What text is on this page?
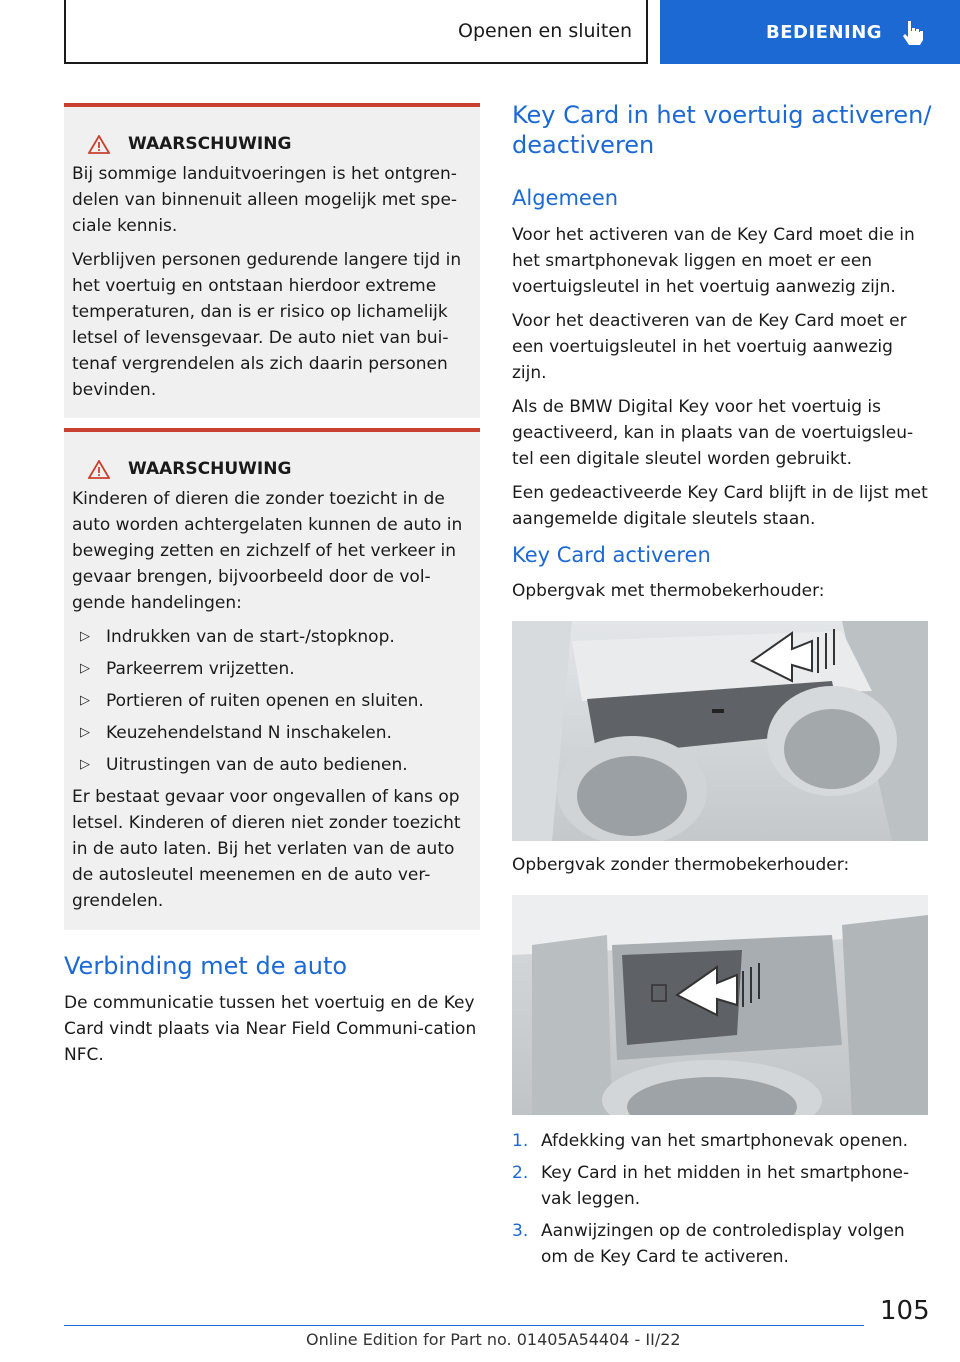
Openen en sluiten	BEDIENING
WAARSCHUWING

Bij sommige landuitvoeringen is het ontgren-delen van binnenuit alleen mogelijk met spe-ciale kennis.

Verblijven personen gedurende langere tijd in het voertuig en ontstaan hierdoor extreme temperaturen, dan is er risico op lichamelijk letsel of levensgevaar. De auto niet van bui-tenaf vergrendelen als zich daarin personen bevinden.

WAARSCHUWING

Kinderen of dieren die zonder toezicht in de auto worden achtergelaten kunnen de auto in beweging zetten en zichzelf of het verkeer in gevaar brengen, bijvoorbeeld door de vol-gende handelingen:

▷ Indrukken van de start-/stopknop.
▷ Parkeerrem vrijzetten.
▷ Portieren of ruiten openen en sluiten.
▷ Keuzehendelstand N inschakelen.
▷ Uitrustingen van de auto bedienen.

Er bestaat gevaar voor ongevallen of kans op letsel. Kinderen of dieren niet zonder toezicht in de auto laten. Bij het verlaten van de auto de autosleutel meenemen en de auto ver-grendelen.

Verbinding met de auto

De communicatie tussen het voertuig en de Key Card vindt plaats via Near Field Communi-cation NFC.

Key Card in het voertuig activeren/ deactiveren
Algemeen

Voor het activeren van de Key Card moet die in het smartphonevak liggen en moet er een voertuigsleutel in het voertuig aanwezig zijn.

Voor het deactiveren van de Key Card moet er een voertuigsleutel in het voertuig aanwezig zijn.

Als de BMW Digital Key voor het voertuig is geactiveerd, kan in plaats van de voertuigsleu-tel een digitale sleutel worden gebruikt.

Een gedeactiveerde Key Card blijft in de lijst met aangemelde digitale sleutels staan.

Key Card activeren
Opbergvak met thermobekerhouder:
Opbergvak zonder thermobekerhouder:
1. Afdekking van het smartphonevak openen.
2. Key Card in het midden in het smartphone-vak leggen.
3. Aanwijzingen op de controledisplay volgen om de Key Card te activeren.
105
Online Edition for Part no. 01405A54404 - II/22
